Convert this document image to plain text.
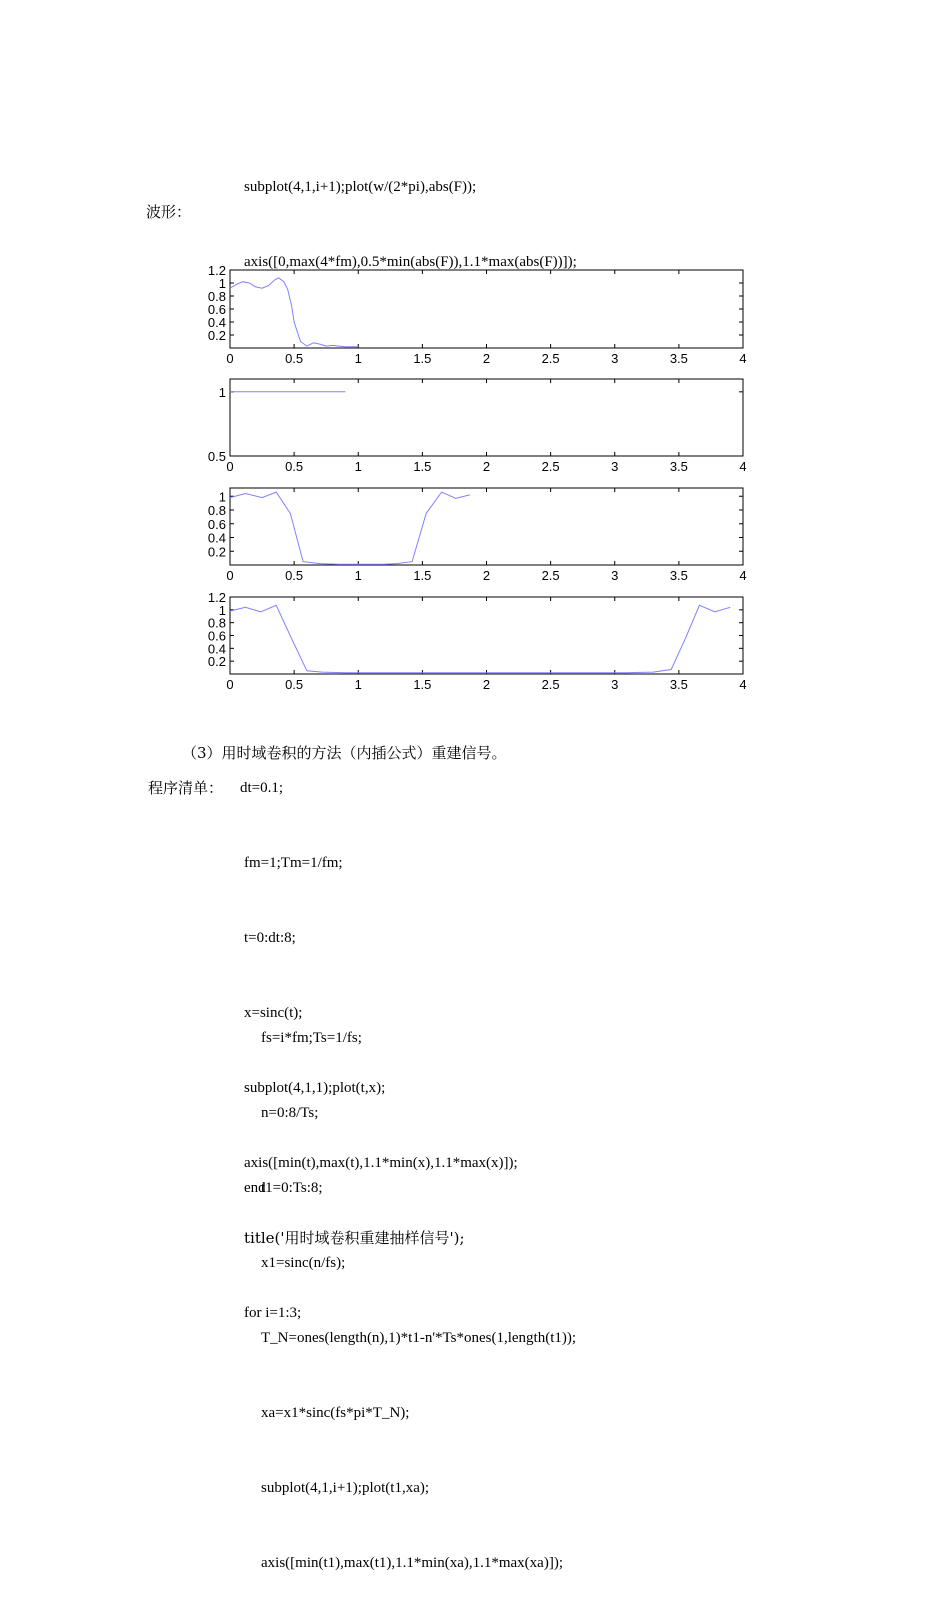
subplot(4,1,i+1);plot(w/(2*pi),abs(F));

axis([0,max(4*fm),0.5*min(abs(F)),1.1*max(abs(F))]);

波形：
0	0.5	1	1.5	2	2.5	3	3.5	4
0.2
0.4
0.6
0.8
1
1.2
0	0.5	1	1.5	2	2.5	3	3.5	4
0.5
1
0	0.5	1	1.5	2	2.5	3	3.5	4
0.2
0.4
0.6
0.8
1
0	0.5	1	1.5	2	2.5	3	3.5	4
0.2
0.4
0.6
0.8
1
1.2
（3）用时域卷积的方法（内插公式）重建信号。
程序清单： dt=0.1;

fm=1;Tm=1/fm;

t=0:dt:8;

x=sinc(t);

subplot(4,1,1);plot(t,x);

axis([min(t),max(t),1.1*min(x),1.1*max(x)]);

title('用时域卷积重建抽样信号');

for i=1:3;

fs=i*fm;Ts=1/fs;

n=0:8/Ts;

t1=0:Ts:8;

x1=sinc(n/fs);

T_N=ones(length(n),1)*t1-n'*Ts*ones(1,length(t1));

xa=x1*sinc(fs*pi*T_N);

subplot(4,1,i+1);plot(t1,xa);

axis([min(t1),max(t1),1.1*min(xa),1.1*max(xa)]);

end
